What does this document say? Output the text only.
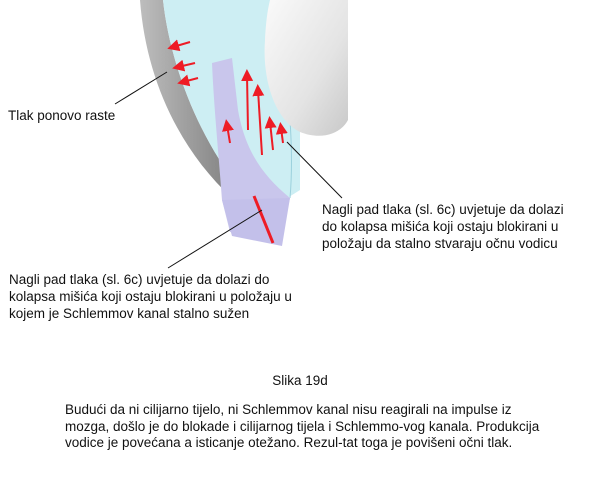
Tlak ponovo raste
Nagli pad tlaka (sl. 6c) uvjetuje da dolazi do kolapsa mišića koji ostaju blokirani u položaju da stalno stvaraju očnu vodicu
Nagli pad tlaka (sl. 6c) uvjetuje da dolazi do kolapsa mišića koji ostaju blokirani u položaju u kojem je Schlemmov kanal stalno sužen
Slika 19d
Budući da ni cilijarno tijelo, ni Schlemmov kanal nisu reagirali na impulse iz mozga, došlo je do blokade i cilijarnog tijela i Schlemmo-vog kanala. Produkcija vodice je povećana a isticanje otežano. Rezul-tat toga je povišeni očni tlak.
